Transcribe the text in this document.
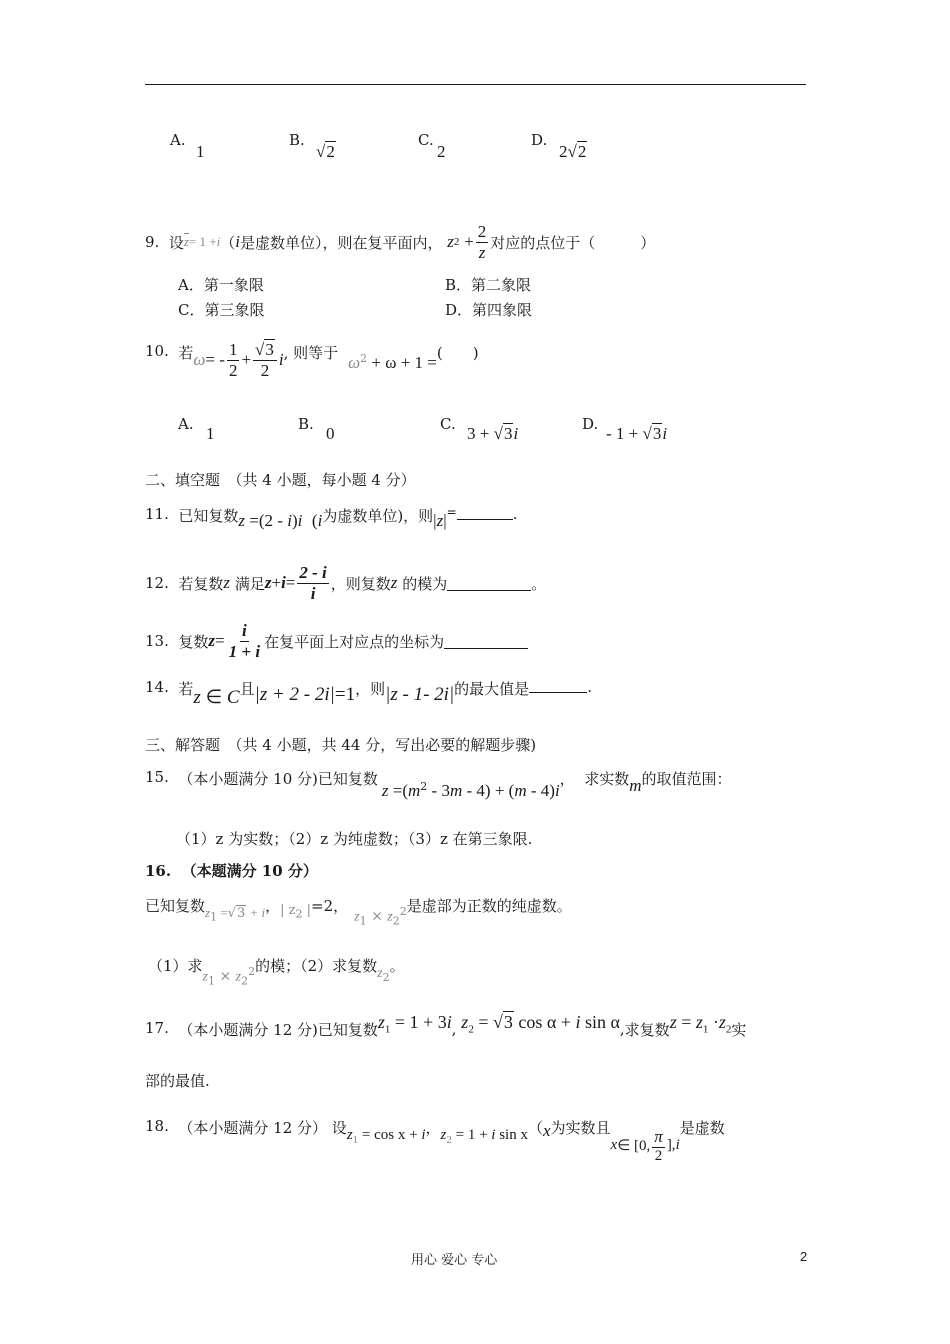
A.
1
B.
√2
C.
2
D.
2√2
9.
设 $\overline{z} = 1 + i$ （ i 是虚数单位），则在复平面内，
z 2
+ $\frac{2}{z}$ 对应的点位于（　　　）
A．第一象限	B．第二象限
C．第三象限	D．第四象限
10.
若 ω = - $\frac{1}{2} + \frac{√3}{2}$ i , 则等于 $\omega^2 + \omega + 1$ = (　　)
A. 1	B. 0	C. 3 + √3i	D. - 1 + √3i
二、填空题　（共 4 小题，每小题 4 分）
11.
已知复数 z =(2 - i)i (i 为虚数单位)，则 |z| =	.
12.
若复数 z
满足 $z + i = \frac{2 - i}{i}$ ，则复数 z
的模为	。
13.
复数 $z = \frac{i}{1 + i}$ 在复平面上对应点的坐标为
14.
若 z ∈ C 且 |z + 2 - 2i| =1 ，则 |z - 1- 2i| 的最大值是	.
三、解答题　（共 4 小题，共 44 分，写出必要的解题步骤)
15.
（本小题满分 10 分)已知复数
$z =(m^2 - 3m - 4) + (m - 4)i$
，
求实数 m 的取值范围：
（1）z 为实数；（2）z 为纯虚数；（3）z 在第三象限.
16. （本题满分 10 分）
已知复数 $z_1 =√3 + i$ ， | $z_2$ | =2，
$z_1 \times z_2^2$ 是虚部为正数的纯虚数。
（1）求
$z_1 \times z_2^2$ 的模；（2）求复数 $z_2$
。
17.
（本小题满分 12 分)已知复数 $z_1 = 1 + 3i$ ,
$z_2 = √3$ cos α + i sin α , 求复数 $z = z_1 \cdot z_2$ 实
部的最值.
18.
（本小题满分 12 分） 设 $z_1 = \cos x + i$ ， $z_2 = 1 + i$ sin x （ x 为实数且
x ∈ [0, $\frac{\pi}{2}$ ], i
是虚数
用心 爱心 专心	2
